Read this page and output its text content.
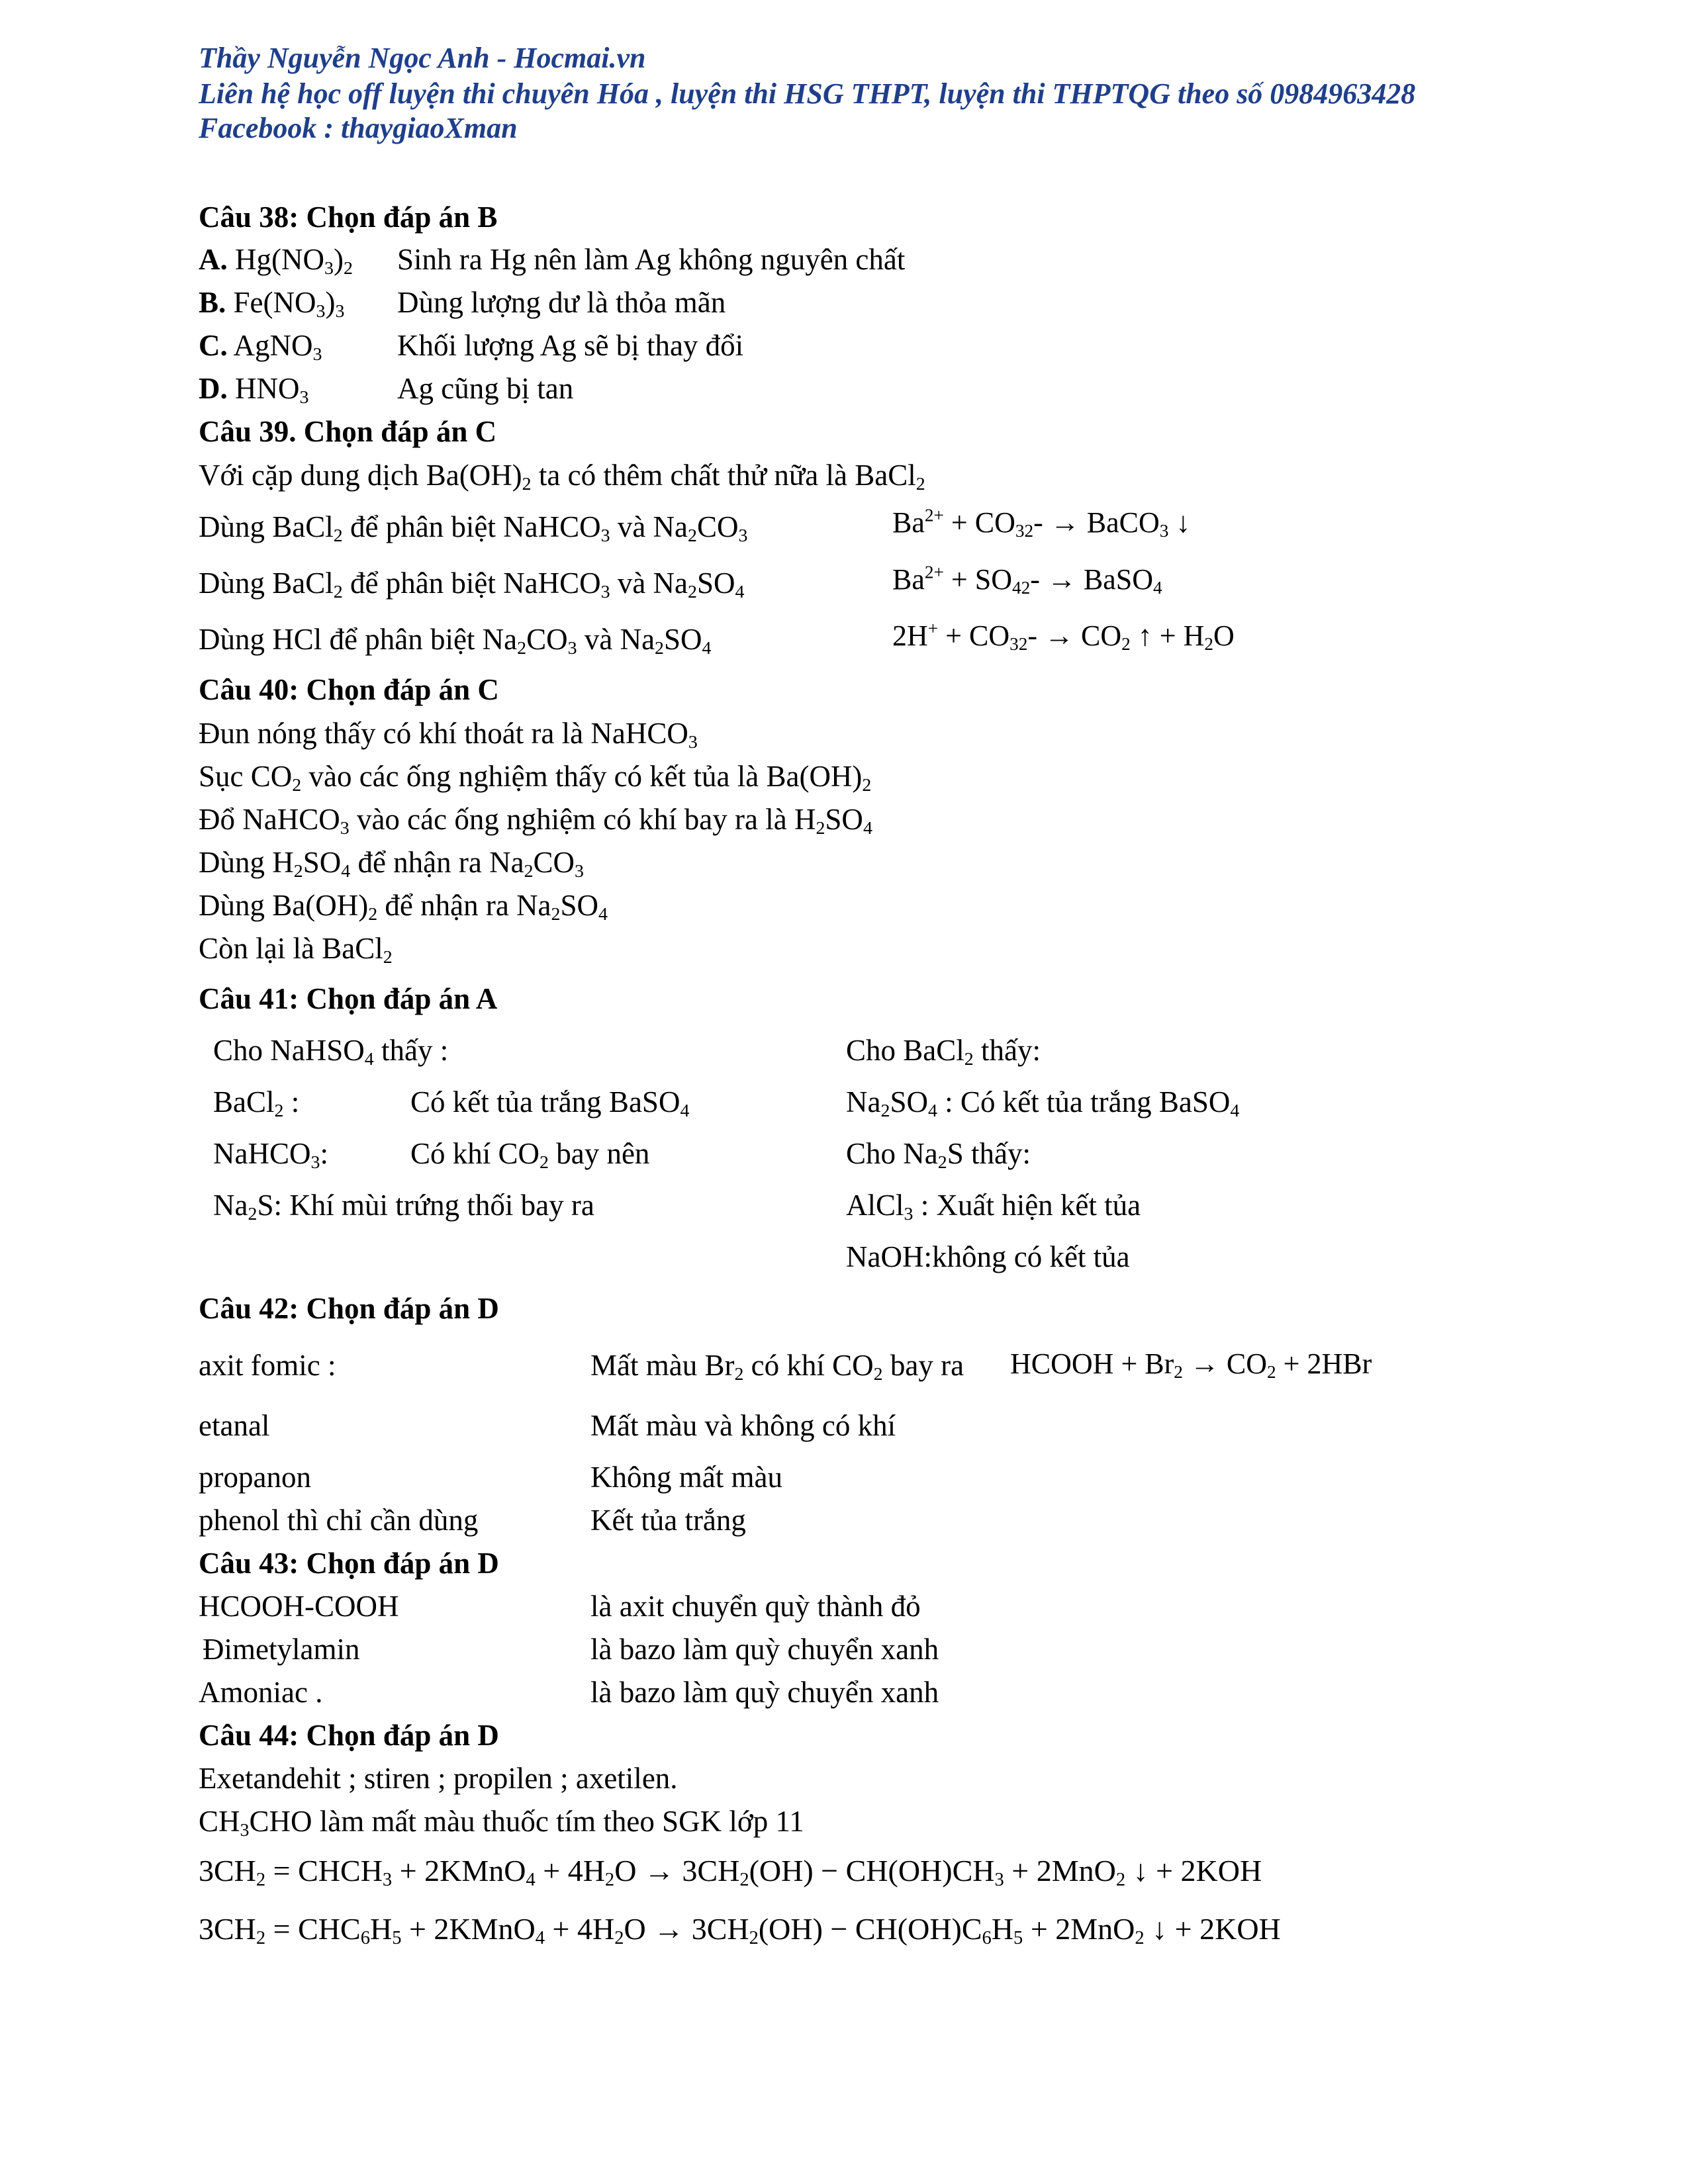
Thầy Nguyễn Ngọc Anh - Hocmai.vn
Liên hệ học off luyện thi chuyên Hóa , luyện thi HSG THPT, luyện thi THPTQG theo số 0984963428
Facebook : thaygiaoXman
Câu 38: Chọn đáp án B
A. $Hg(NO_3)_2$ Sinh ra Hg nên làm Ag không nguyên chất
B. $Fe(NO_3)_3$ Dùng lượng dư là thỏa mãn
C. AgNO$_3$	Khối lượng Ag sẽ bị thay đổi
D. $HNO_3$	Ag cũng bị tan
Câu 39. Chọn đáp án C
Với cặp dung dịch $Ba(OH)_2$ ta có thêm chất thử nữa là BaCl$_2$
Dùng BaCl$_2$ để phân biệt NaHCO$_3$ và $Na_2CO_3$	$Ba^{2+} + CO_{32}-$ → BaCO$_3$ ↓
Dùng BaCl$_2$ để phân biệt NaHCO$_3$ và $Na_2SO_4$	$Ba^{2+} + SO_{42}-$ → BaSO$_4$
Dùng HCl để phân biệt $Na_2CO_3$ và $Na_2SO_4$	$2H^+ + CO_{32}- \to CO_2$ ↑ + $H_2O$
Câu 40: Chọn đáp án C
Đun nóng thấy có khí thoát ra là NaHCO$_3$
Sục $CO_2$ vào các ống nghiệm thấy có kết tủa là $Ba(OH)_2$
Đổ NaHCO$_3$ vào các ống nghiệm có khí bay ra là $H_2SO_4$
Dùng $H_2SO_4$ để nhận ra $Na_2CO_3$
Dùng $Ba(OH)_2$ để nhận ra $Na_2SO_4$
Còn lại là BaCl$_2$
Câu 41: Chọn đáp án A
Cho NaHSO$_4$ thấy :
BaCl$_2$ :	Có kết tủa trắng BaSO$_4$
NaHCO$_3$:	Có khí $CO_2$ bay nên
$Na_2S$: Khí mùi trứng thối bay ra
Cho BaCl$_2$ thấy:
$Na_2SO_4$ : Có kết tủa trắng BaSO$_4$
Cho $Na_2S$ thấy:
AlCl$_3$ : Xuất hiện kết tủa
NaOH:không có kết tủa
Câu 42: Chọn đáp án D
axit fomic :	Mất màu $Br_2$ có khí $CO_2$ bay ra HCOOH + $Br_2 \to CO_2 + 2HBr$
etanal	Mất màu và không có khí
propanon	Không mất màu
phenol thì chỉ cần dùng	Kết tủa trắng
Câu 43: Chọn đáp án D
HCOOH-COOH	là axit chuyển quỳ thành đỏ
Đimetylamin	là bazo làm quỳ chuyển xanh
Amoniac .	là bazo làm quỳ chuyển xanh
Câu 44: Chọn đáp án D
Exetandehit ; stiren ; propilen ; axetilen.
$CH_3CHO$ làm mất màu thuốc tím theo SGK lớp 11
$3CH_2$ = $CHCH_3$ + 2KMnO$_4$ + $4H_2O \to 3CH_2(OH) - CH(OH)CH_3 + 2MnO_2$ ↓ + 2KOH
$3CH_2 = CHC_6H_5$ + 2KMnO$_4$ + $4H_2O \to 3CH_2(OH) - CH(OH)C_6H_5 + 2MnO_2$ ↓ + 2KOH
